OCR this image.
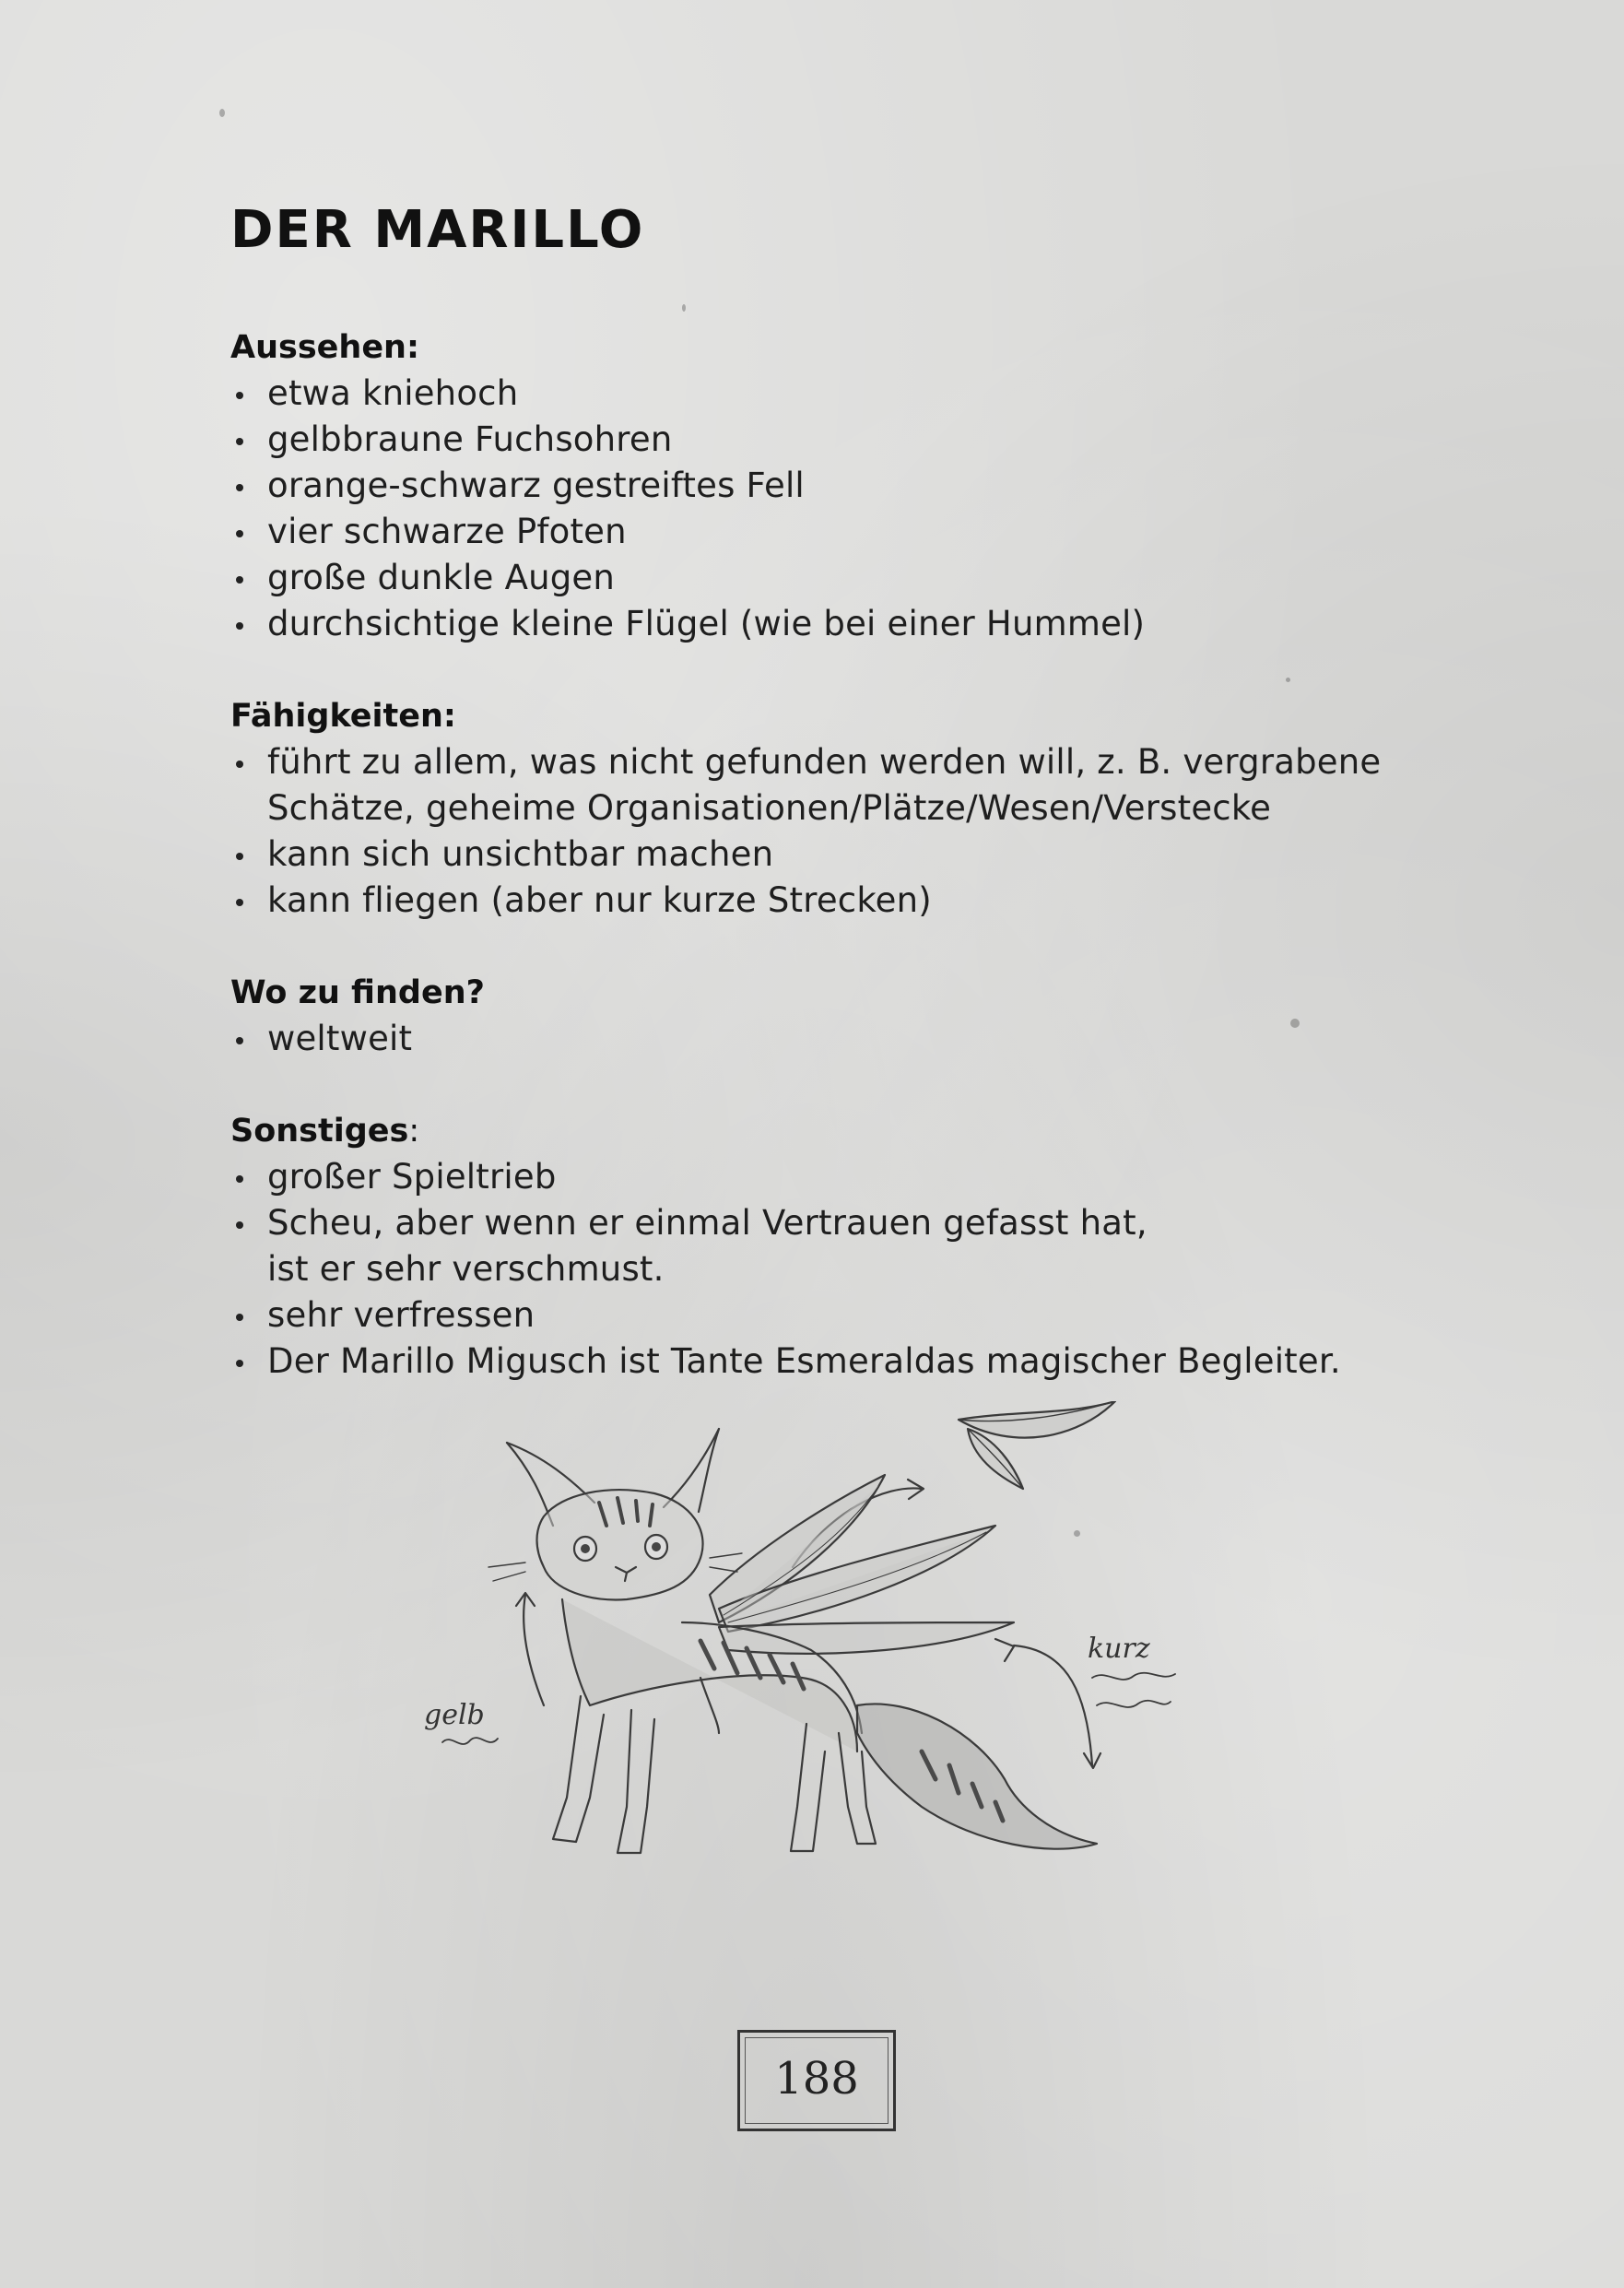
DER MARILLO

Aussehen:

etwa kniehoch
gelbbraune Fuchsohren
orange-schwarz gestreiftes Fell
vier schwarze Pfoten
große dunkle Augen
durchsichtige kleine Flügel (wie bei einer Hummel)

Fähigkeiten:

führt zu allem, was nicht gefunden werden will, z. B. vergrabene Schätze, geheime Organisationen/Plätze/Wesen/Verstecke
kann sich unsichtbar machen
kann fliegen (aber nur kurze Strecken)

Wo zu finden?

weltweit

Sonstiges:

großer Spieltrieb
Scheu, aber wenn er einmal Vertrauen gefasst hat, ist er sehr verschmust.
sehr verfressen
Der Marillo Migusch ist Tante Esmeraldas magischer Begleiter.
gelb
kurz
188
